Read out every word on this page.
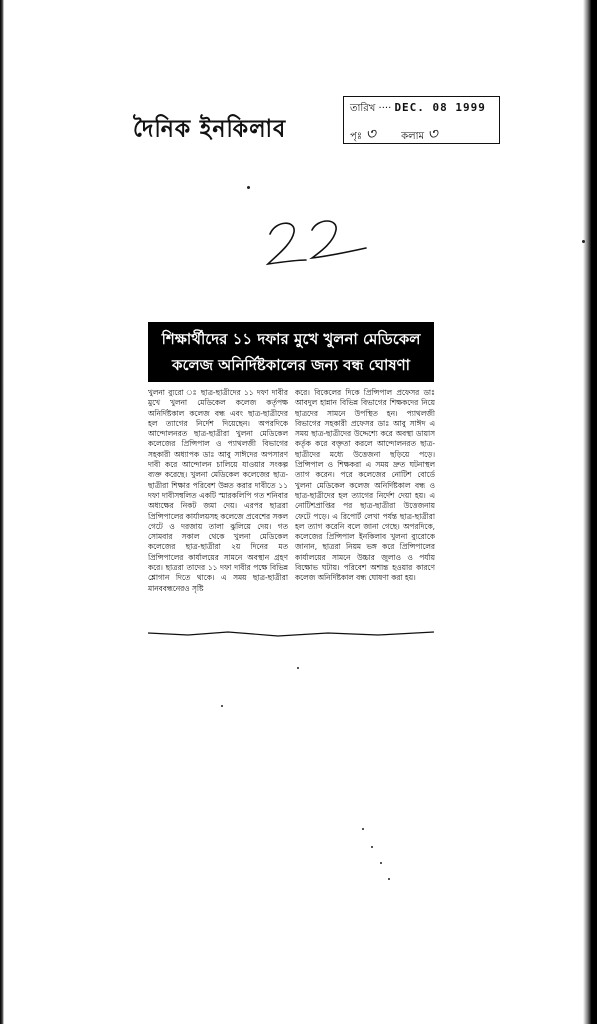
দৈনিক ইনকিলাব
তারিখ ···· DEC. 08 1999
পৃঃ ৩	কলাম ৩
শিক্ষার্থীদের ১১ দফার মুখে খুলনা মেডিকেল
কলেজ অনির্দিষ্টকালের জন্য বন্ধ ঘোষণা

খুলনা ব্যুরো ঃ ছাত্র-ছাত্রীদের ১১ দফা দাবীর মুখে খুলনা মেডিকেল কলেজ কর্তৃপক্ষ অনির্দিষ্টকাল কলেজ বন্ধ এবং ছাত্র-ছাত্রীদের হল ত্যাগের নির্দেশ দিয়েছেন। অপরদিকে আন্দোলনরত ছাত্র-ছাত্রীরা খুলনা মেডিকেল কলেজের প্রিন্সিপাল ও প্যাথলজী বিভাগের সহকারী অধ্যাপক ডাঃ আবু সাঈদের অপসারণ দাবী করে আন্দোলন চালিয়ে যাওয়ার সংকল্প ব্যক্ত করেছে। খুলনা মেডিকেল কলেজের ছাত্র-ছাত্রীরা শিক্ষার পরিবেশ উন্নত করার দাবীতে ১১ দফা দাবীসম্বলিত একটি স্মারকলিপি গত শনিবার অধ্যক্ষের নিকট জমা দেয়। এরপর ছাত্ররা প্রিন্সিপালের কার্যালয়সহ কলেজে প্রবেশের সকল গেটে ও দরজায় তালা ঝুলিয়ে দেয়। গত সোমবার সকাল থেকে খুলনা মেডিকেল কলেজের ছাত্র-ছাত্রীরা ২য় দিনের মত প্রিন্সিপালের কার্যালয়ের সামনে অবস্থান গ্রহণ করে। ছাত্ররা তাদের ১১ দফা দাবীর পক্ষে বিভিন্ন শ্লোগান দিতে থাকে। এ সময় ছাত্র-ছাত্রীরা মানববন্ধনেরও সৃষ্টি

করে। বিকেলের দিকে প্রিন্সিপাল প্রফেসর ডাঃ আবদুল হান্নান বিভিন্ন বিভাগের শিক্ষকদের নিয়ে ছাত্রদের সামনে উপস্থিত হন। প্যাথলজী বিভাগের সহকারী প্রফেসর ডাঃ আবু সাঈদ এ সময় ছাত্র-ছাত্রীদের উদ্দেশ্যে করে অবস্থা ডায়াস কর্তৃক করে বক্তৃতা করলে আন্দোলনরত ছাত্র-ছাত্রীদের মধ্যে উত্তেজনা ছড়িয়ে পড়ে। প্রিন্সিপাল ও শিক্ষকরা এ সময় দ্রুত ঘটনাস্থল ত্যাগ করেন। পরে কলেজের নোটিশ বোর্ডে খুলনা মেডিকেল কলেজ অনির্দিষ্টকাল বন্ধ ও ছাত্র-ছাত্রীদের হল ত্যাগের নির্দেশ দেয়া হয়। এ নোটিশপ্রাপ্তির পর ছাত্র-ছাত্রীরা উত্তেজনায় ফেটে পড়ে। এ রিপোর্ট লেখা পর্যন্ত ছাত্র-ছাত্রীরা হল ত্যাগ করেনি বলে জানা গেছে। অপরদিকে, কলেজের প্রিন্সিপাল ইনকিলাব খুলনা ব্যুরোকে জানান, ছাত্ররা নিয়ম ভঙ্গ করে প্রিন্সিপালের কার্যালয়ের সামনে উচ্চার জুলাও ও পর্যায় বিক্ষোভ ঘটায়। পরিবেশ অশান্ত হওয়ার কারণে কলেজ অনির্দিষ্টকাল বন্ধ ঘোষণা করা হয়।
